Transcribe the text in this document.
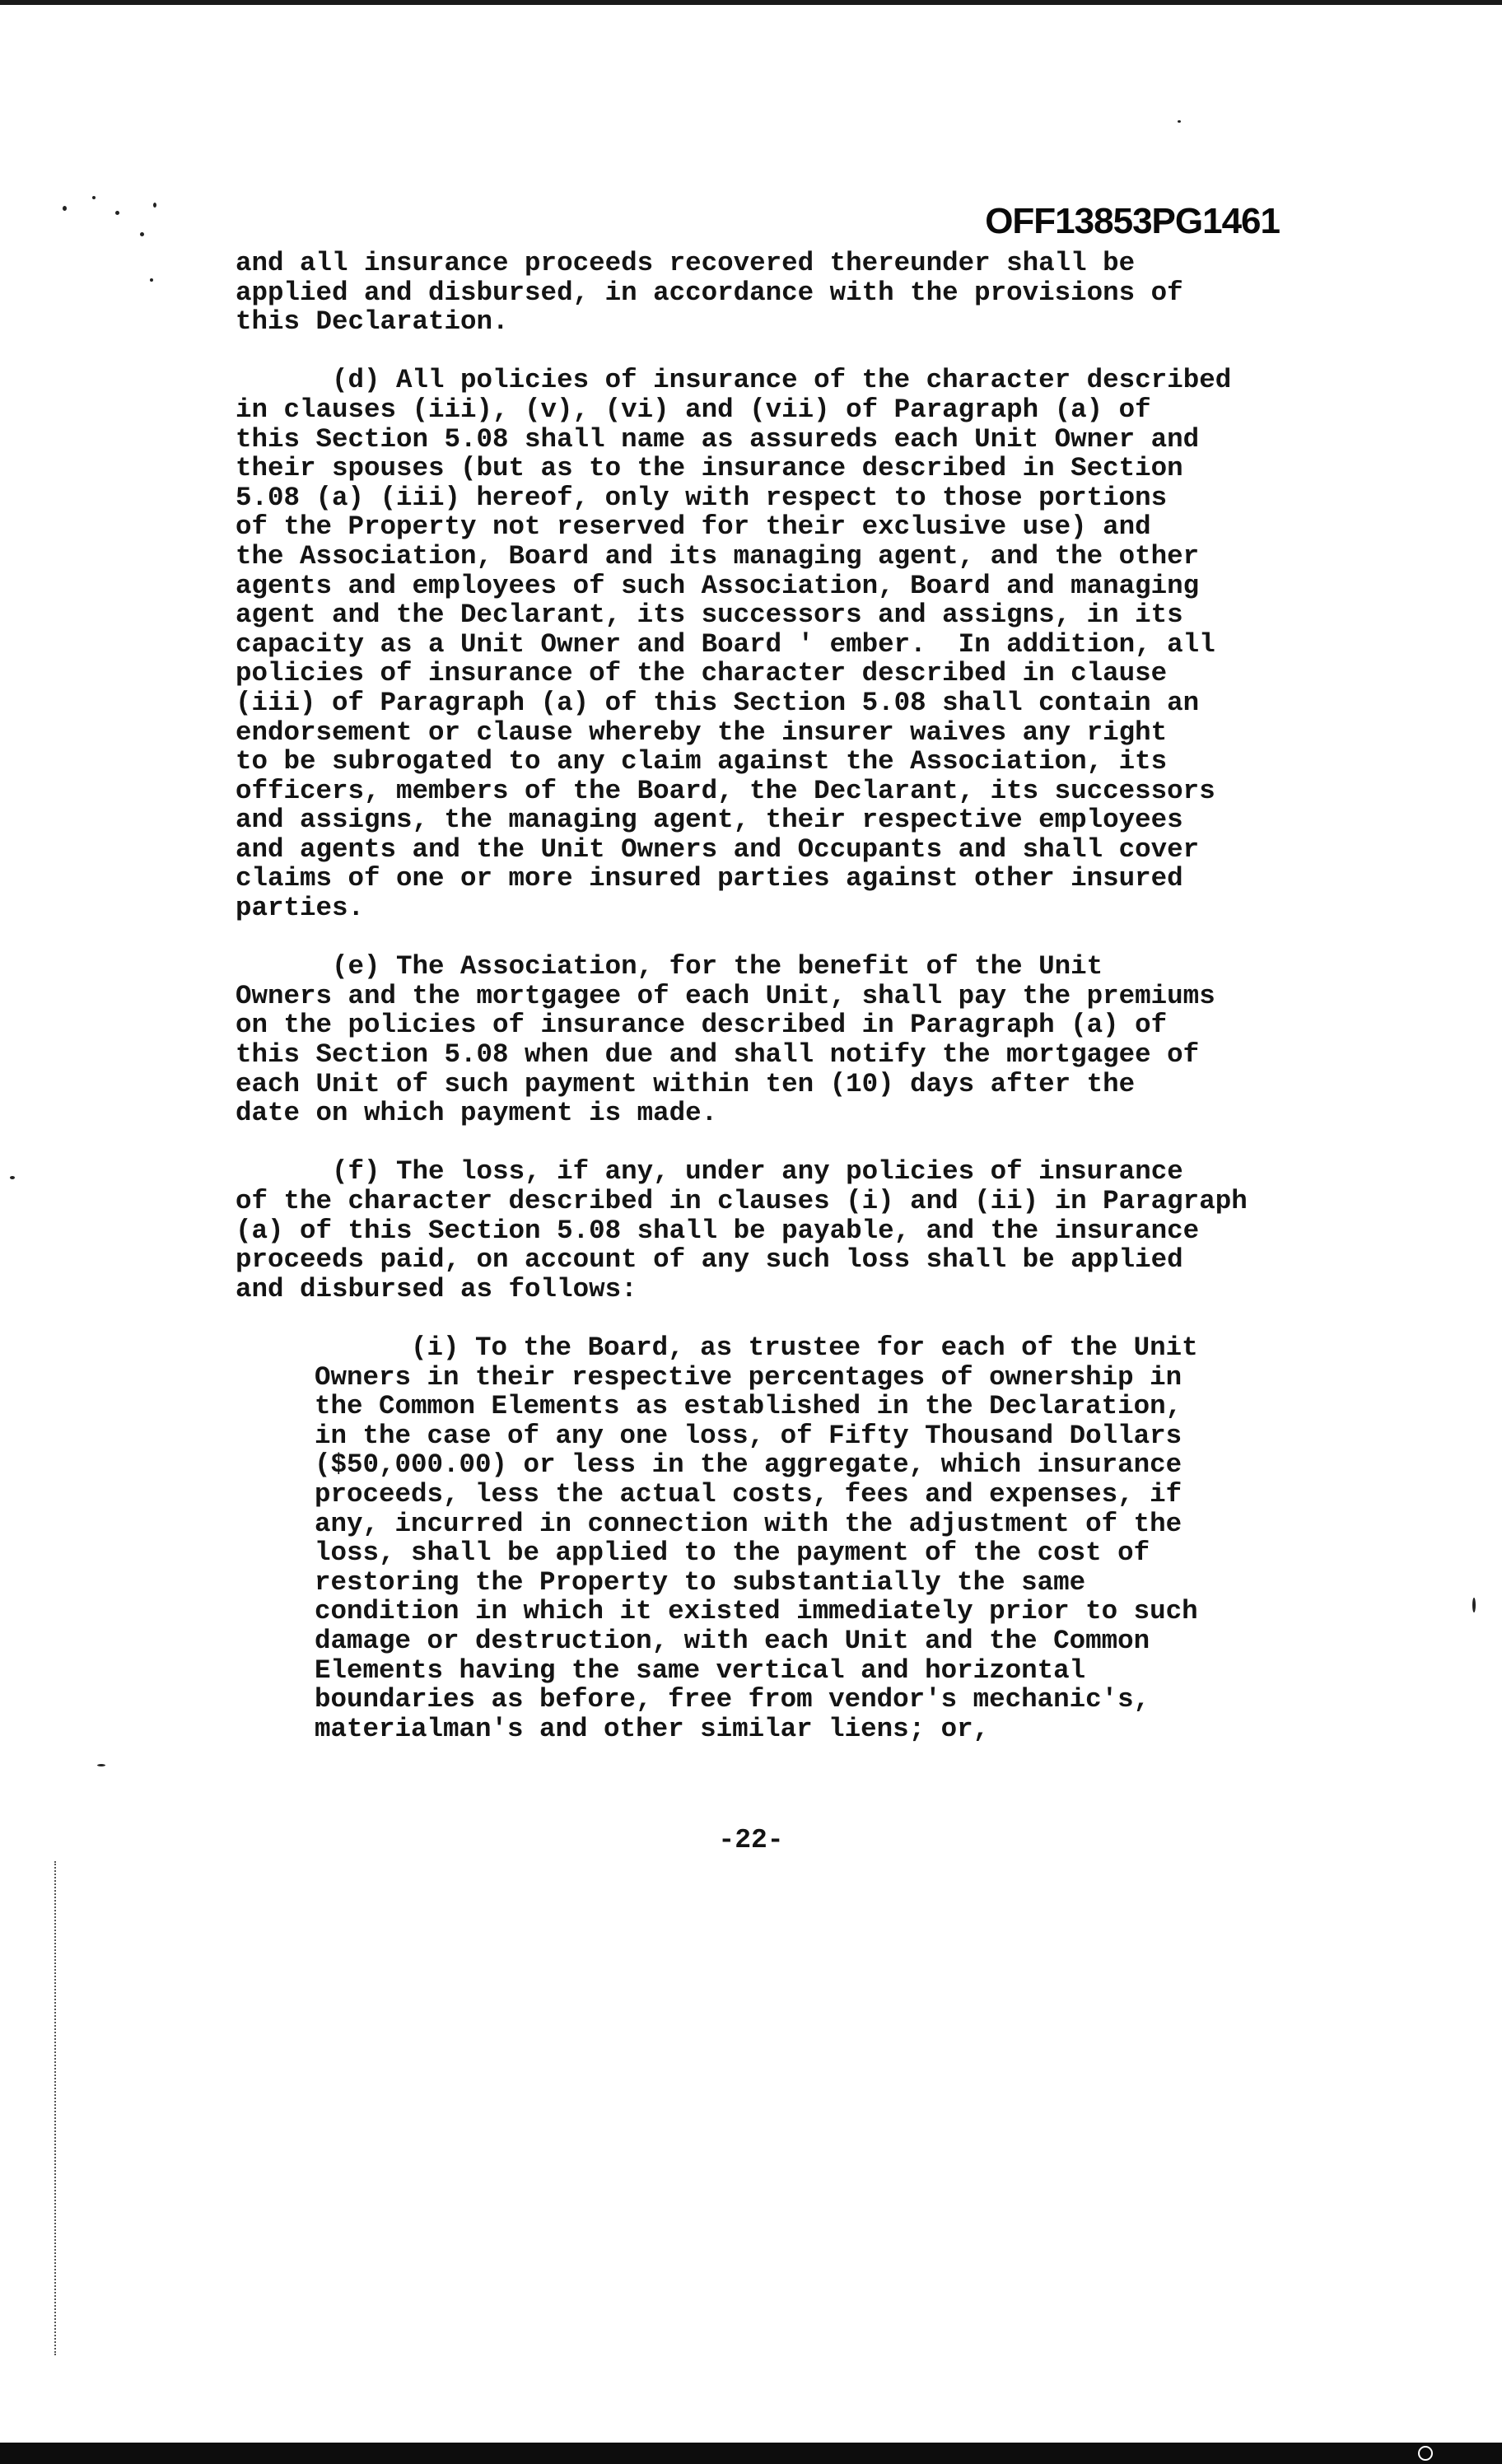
OFF13853PG1461

and all insurance proceeds recovered thereunder shall be
applied and disbursed, in accordance with the provisions of
this Declaration.

(d) All policies of insurance of the character described
in clauses (iii), (v), (vi) and (vii) of Paragraph (a) of
this Section 5.08 shall name as assureds each Unit Owner and
their spouses (but as to the insurance described in Section
5.08 (a) (iii) hereof, only with respect to those portions
of the Property not reserved for their exclusive use) and
the Association, Board and its managing agent, and the other
agents and employees of such Association, Board and managing
agent and the Declarant, its successors and assigns, in its
capacity as a Unit Owner and Board ' ember.  In addition, all
policies of insurance of the character described in clause
(iii) of Paragraph (a) of this Section 5.08 shall contain an
endorsement or clause whereby the insurer waives any right
to be subrogated to any claim against the Association, its
officers, members of the Board, the Declarant, its successors
and assigns, the managing agent, their respective employees
and agents and the Unit Owners and Occupants and shall cover
claims of one or more insured parties against other insured
parties.

(e) The Association, for the benefit of the Unit
Owners and the mortgagee of each Unit, shall pay the premiums
on the policies of insurance described in Paragraph (a) of
this Section 5.08 when due and shall notify the mortgagee of
each Unit of such payment within ten (10) days after the
date on which payment is made.

(f) The loss, if any, under any policies of insurance
of the character described in clauses (i) and (ii) in Paragraph
(a) of this Section 5.08 shall be payable, and the insurance
proceeds paid, on account of any such loss shall be applied
and disbursed as follows:

(i) To the Board, as trustee for each of the Unit
Owners in their respective percentages of ownership in
the Common Elements as established in the Declaration,
in the case of any one loss, of Fifty Thousand Dollars
($50,000.00) or less in the aggregate, which insurance
proceeds, less the actual costs, fees and expenses, if
any, incurred in connection with the adjustment of the
loss, shall be applied to the payment of the cost of
restoring the Property to substantially the same
condition in which it existed immediately prior to such
damage or destruction, with each Unit and the Common
Elements having the same vertical and horizontal
boundaries as before, free from vendor's mechanic's,
materialman's and other similar liens; or,

-22-
